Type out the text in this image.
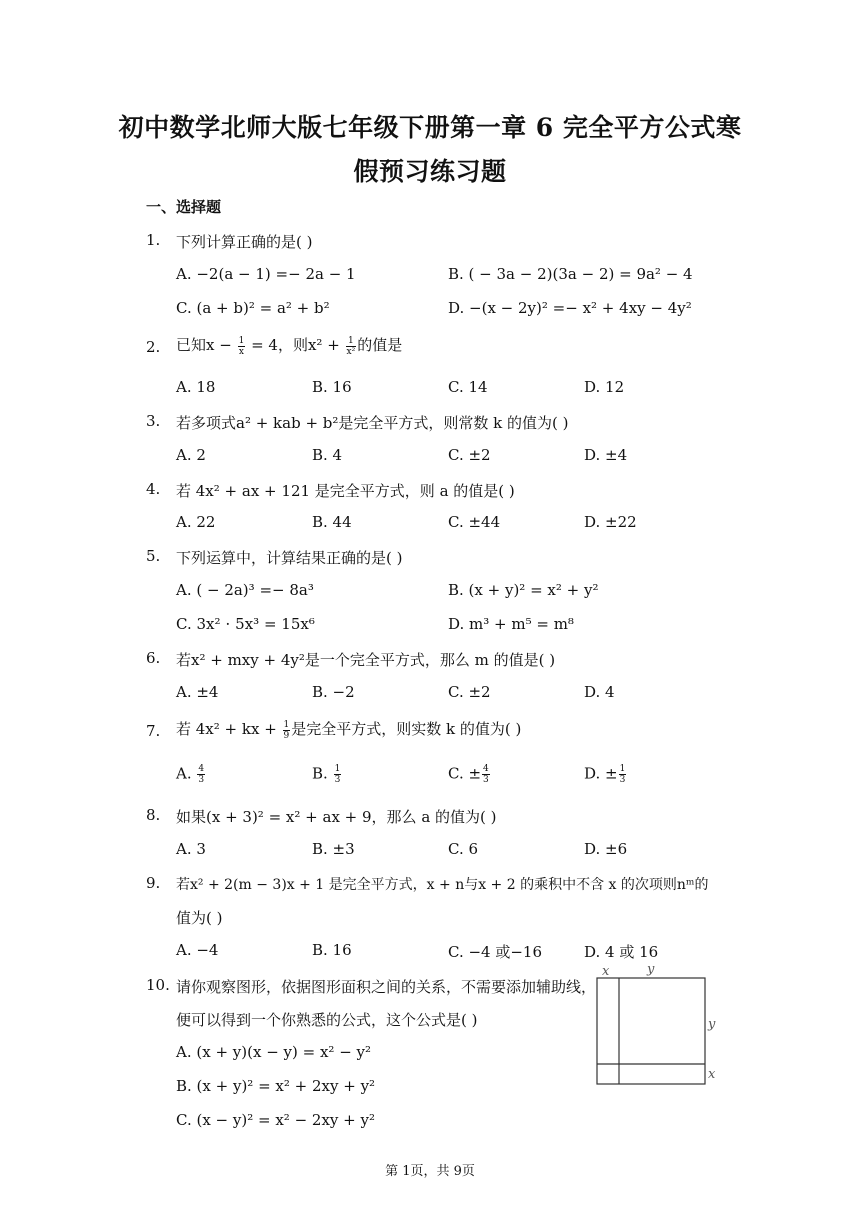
初中数学北师大版七年级下册第一章 6 完全平方公式寒
假预习练习题
一、选择题
1. 下列计算正确的是( )
A. −2(a − 1) =− 2a − 1	B. ( − 3a − 2)(3a − 2) = 9a² − 4
C. (a + b)² = a² + b²	D. −(x − 2y)² =− x² + 4xy − 4y²
2. 已知$x - \frac{1}{x} = 4$，则$x^2 + \frac{1}{\text{x²}}$ 的值是
A. 18	B. 16	C. 14	D. 12
3. 若多项式a² + kab + b²是完全平方式，则常数 k 的值为( )
A. 2	B. 4	C. ±2	D. ±4
4. 若 4x² + ax + 121 是完全平方式，则 a 的值是( )
A. 22	B. 44	C. ±44	D. ±22
5. 下列运算中，计算结果正确的是( )
A. ( − 2a)³ =− 8a³	B. (x + y)² = x² + y²
C. 3x² ⋅ 5x³ = 15x⁶	D. m³ + m⁵ = m⁸
6. 若x² + mxy + 4y²是一个完全平方式，那么 m 的值是( )
A. ±4	B. −2	C. ±2	D. 4
7. 若 4x² + kx + $\frac{1}{9}$ 是完全平方式，则实数 k 的值为( )
A. $\frac{4}{3}$	B. $\frac{1}{3}$	C. ± $\frac{4}{3}$	D. ± $\frac{1}{3}$
8. 如果(x + 3)² = x² + ax + 9，那么 a 的值为( )
A. 3	B. ±3	C. 6	D. ±6
9. 若x² + 2(m − 3)x + 1 是完全平方式，x + n与x + 2 的乘积中不含 x 的次项则nᵐ的
值为( )
A. −4	B. 16	C. −4 或−16	D. 4 或 16
10. 请你观察图形，依据图形面积之间的关系，不需要添加辅助线，
便可以得到一个你熟悉的公式，这个公式是( )
A. (x + y)(x − y) = x² − y²
B. (x + y)² = x² + 2xy + y²
C. (x − y)² = x² − 2xy + y²
x	y
y
x
第 1页，共 9页
